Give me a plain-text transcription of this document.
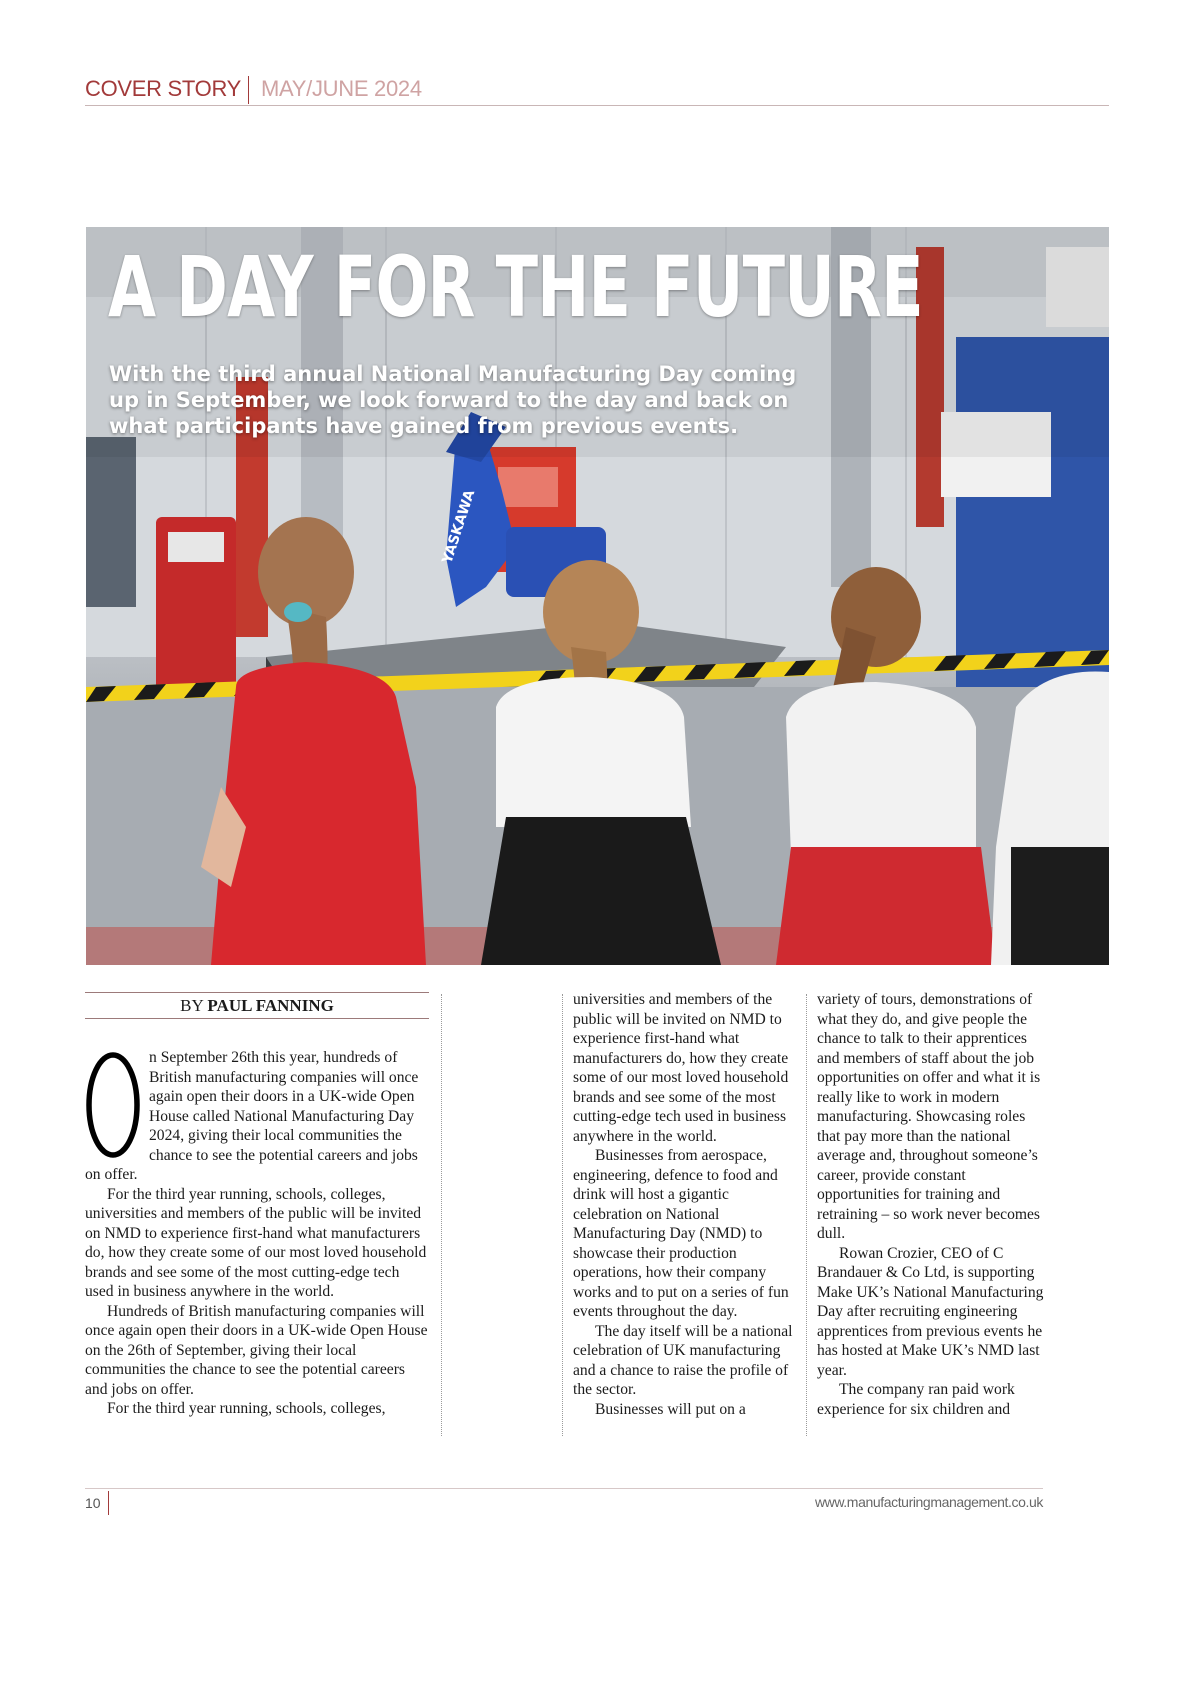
COVER STORY MAY/JUNE 2024
YASKAWA
A DAY FOR THE FUTURE

With the third annual National Manufacturing Day coming up in September, we look forward to the day and back on what participants have gained from previous events.

BY PAUL FANNING
O

n September 26th this year, hundreds of British manufacturing companies will once again open their doors in a UK-wide Open House called National Manufacturing Day 2024, giving their local communities the chance to see the potential careers and jobs on offer.

For the third year running, schools, colleges, universities and members of the public will be invited on NMD to experience first-hand what manufacturers do, how they create some of our most loved household brands and see some of the most cutting-edge tech used in business anywhere in the world.

Hundreds of British manufacturing companies will once again open their doors in a UK-wide Open House on the 26th of September, giving their local communities the chance to see the potential careers and jobs on offer.

For the third year running, schools, colleges,

universities and members of the public will be invited on NMD to experience first-hand what manufacturers do, how they create some of our most loved household brands and see some of the most cutting-edge tech used in business anywhere in the world.

Businesses from aerospace, engineering, defence to food and drink will host a gigantic celebration on National Manufacturing Day (NMD) to showcase their production operations, how their company works and to put on a series of fun events throughout the day.

The day itself will be a national celebration of UK manufacturing and a chance to raise the profile of the sector.

Businesses will put on a

variety of tours, demonstrations of what they do, and give people the chance to talk to their apprentices and members of staff about the job opportunities on offer and what it is really like to work in modern manufacturing. Showcasing roles that pay more than the national average and, throughout someone’s career, provide constant opportunities for training and retraining – so work never becomes dull.

Rowan Crozier, CEO of C Brandauer & Co Ltd, is supporting Make UK’s National Manufacturing Day after recruiting engineering apprentices from previous events he has hosted at Make UK’s NMD last year.

The company ran paid work experience for six children and

10	www.manufacturingmanagement.co.uk
